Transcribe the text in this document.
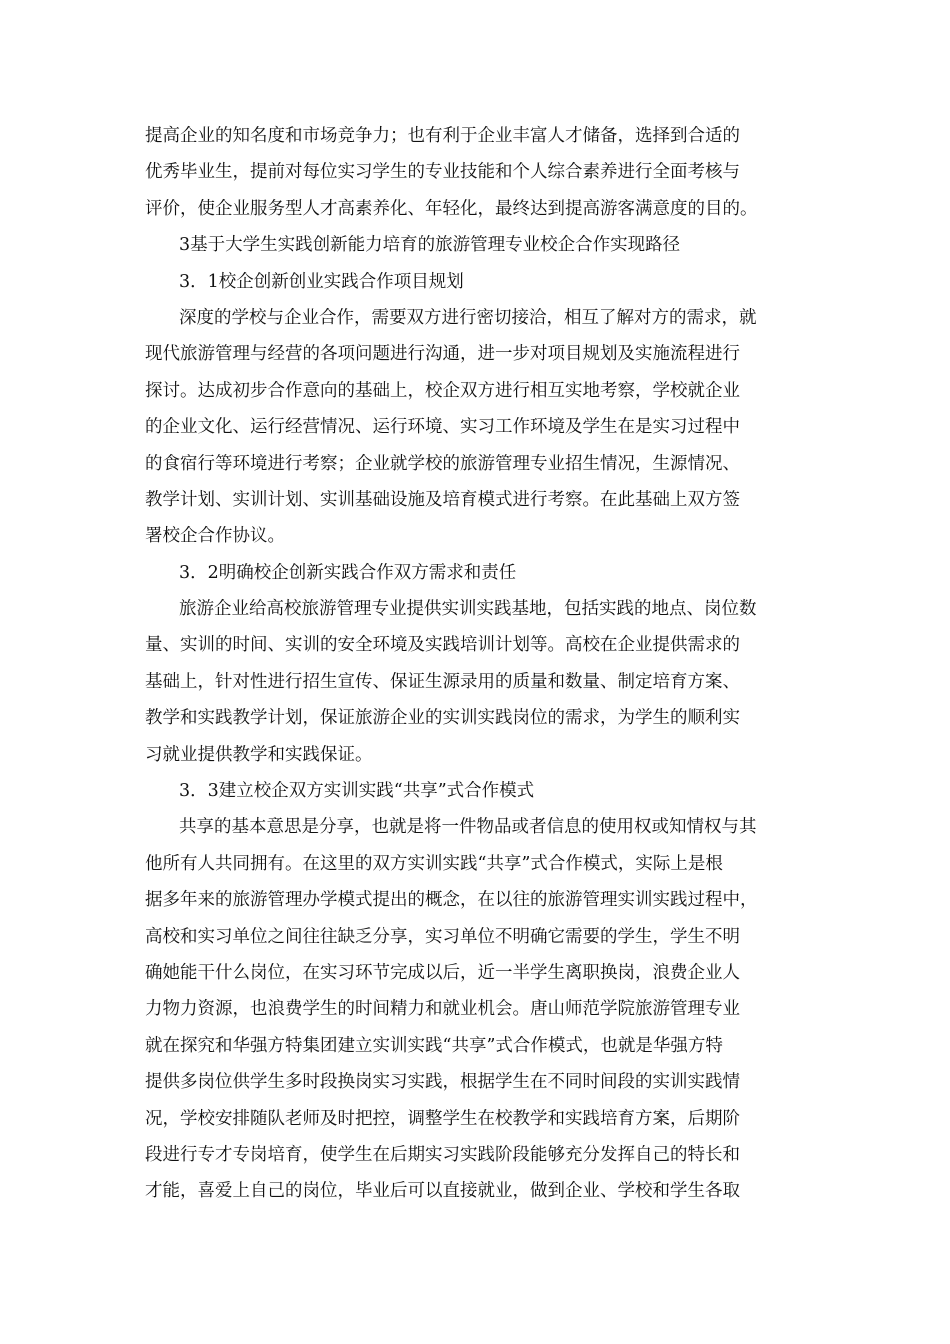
提高企业的知名度和市场竞争力；也有利于企业丰富人才储备，选择到合适的
优秀毕业生，提前对每位实习学生的专业技能和个人综合素养进行全面考核与
评价，使企业服务型人才高素养化、年轻化，最终达到提高游客满意度的目的。
3基于大学生实践创新能力培育的旅游管理专业校企合作实现路径
3．1校企创新创业实践合作项目规划
深度的学校与企业合作，需要双方进行密切接洽，相互了解对方的需求，就
现代旅游管理与经营的各项问题进行沟通，进一步对项目规划及实施流程进行
探讨。达成初步合作意向的基础上，校企双方进行相互实地考察，学校就企业
的企业文化、运行经营情况、运行环境、实习工作环境及学生在是实习过程中
的食宿行等环境进行考察；企业就学校的旅游管理专业招生情况，生源情况、
教学计划、实训计划、实训基础设施及培育模式进行考察。在此基础上双方签
署校企合作协议。
3．2明确校企创新实践合作双方需求和责任
旅游企业给高校旅游管理专业提供实训实践基地，包括实践的地点、岗位数
量、实训的时间、实训的安全环境及实践培训计划等。高校在企业提供需求的
基础上，针对性进行招生宣传、保证生源录用的质量和数量、制定培育方案、
教学和实践教学计划，保证旅游企业的实训实践岗位的需求，为学生的顺利实
习就业提供教学和实践保证。
3．3建立校企双方实训实践“共享”式合作模式
共享的基本意思是分享，也就是将一件物品或者信息的使用权或知情权与其
他所有人共同拥有。在这里的双方实训实践“共享”式合作模式，实际上是根
据多年来的旅游管理办学模式提出的概念，在以往的旅游管理实训实践过程中，
高校和实习单位之间往往缺乏分享，实习单位不明确它需要的学生，学生不明
确她能干什么岗位，在实习环节完成以后，近一半学生离职换岗，浪费企业人
力物力资源，也浪费学生的时间精力和就业机会。唐山师范学院旅游管理专业
就在探究和华强方特集团建立实训实践“共享”式合作模式，也就是华强方特
提供多岗位供学生多时段换岗实习实践，根据学生在不同时间段的实训实践情
况，学校安排随队老师及时把控，调整学生在校教学和实践培育方案，后期阶
段进行专才专岗培育，使学生在后期实习实践阶段能够充分发挥自己的特长和
才能，喜爱上自己的岗位，毕业后可以直接就业，做到企业、学校和学生各取
